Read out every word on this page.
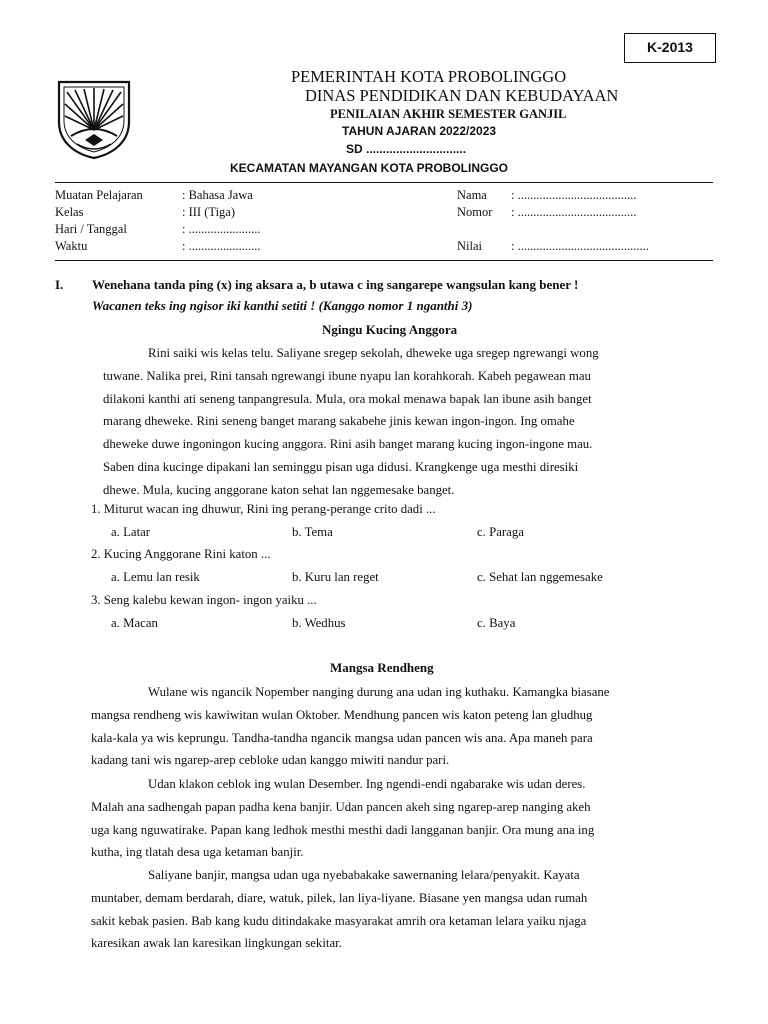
K-2013
PEMERINTAH KOTA PROBOLINGGO
DINAS PENDIDIKAN DAN KEBUDAYAAN
PENILAIAN AKHIR SEMESTER GANJIL
TAHUN AJARAN 2022/2023
SD ..............................
KECAMATAN MAYANGAN KOTA PROBOLINGGO
Muatan Pelajaran	: Bahasa Jawa
Kelas	: III (Tiga)
Hari / Tanggal	: .......................
Waktu	: .......................
Nama : ......................................
Nomor : ......................................
Nilai : ..........................................
I. Wenehana tanda ping (x) ing aksara a, b utawa c ing sangarepe wangsulan kang bener !
Wacanen teks ing ngisor iki kanthi setiti ! (Kanggo nomor 1 nganthi 3)
Ngingu Kucing Anggora
Rini saiki wis kelas telu. Saliyane sregep sekolah, dheweke uga sregep ngrewangi wong
tuwane. Nalika prei, Rini tansah ngrewangi ibune nyapu lan korahkorah. Kabeh pegawean mau
dilakoni kanthi ati seneng tanpangresula. Mula, ora mokal menawa bapak lan ibune asih banget
marang dheweke. Rini seneng banget marang sakabehe jinis kewan ingon-ingon. Ing omahe
dheweke duwe ingoningon kucing anggora. Rini asih banget marang kucing ingon-ingone mau.
Saben dina kucinge dipakani lan seminggu pisan uga didusi. Krangkenge uga mesthi diresiki
dhewe. Mula, kucing anggorane katon sehat lan nggemesake banget.
1. Miturut wacan ing dhuwur, Rini ing perang-perange crito dadi ...
a. Latar	b. Tema	c. Paraga
2. Kucing Anggorane Rini katon ...
a. Lemu lan resik	b. Kuru lan reget	c. Sehat lan nggemesake
3. Seng kalebu kewan ingon- ingon yaiku ...
a. Macan	b. Wedhus	c. Baya
Mangsa Rendheng
Wulane wis ngancik Nopember nanging durung ana udan ing kuthaku. Kamangka biasane
mangsa rendheng wis kawiwitan wulan Oktober. Mendhung pancen wis katon peteng lan gludhug
kala-kala ya wis keprungu. Tandha-tandha ngancik mangsa udan pancen wis ana. Apa maneh para
kadang tani wis ngarep-arep cebloke udan kanggo miwiti nandur pari.
Udan klakon ceblok ing wulan Desember. Ing ngendi-endi ngabarake wis udan deres.
Malah ana sadhengah papan padha kena banjir. Udan pancen akeh sing ngarep-arep nanging akeh
uga kang nguwatirake. Papan kang ledhok mesthi mesthi dadi langganan banjir. Ora mung ana ing
kutha, ing tlatah desa uga ketaman banjir.
Saliyane banjir, mangsa udan uga nyebabakake sawernaning lelara/penyakit. Kayata
muntaber, demam berdarah, diare, watuk, pilek, lan liya-liyane. Biasane yen mangsa udan rumah
sakit kebak pasien. Bab kang kudu ditindakake masyarakat amrih ora ketaman lelara yaiku njaga
karesikan awak lan karesikan lingkungan sekitar.
